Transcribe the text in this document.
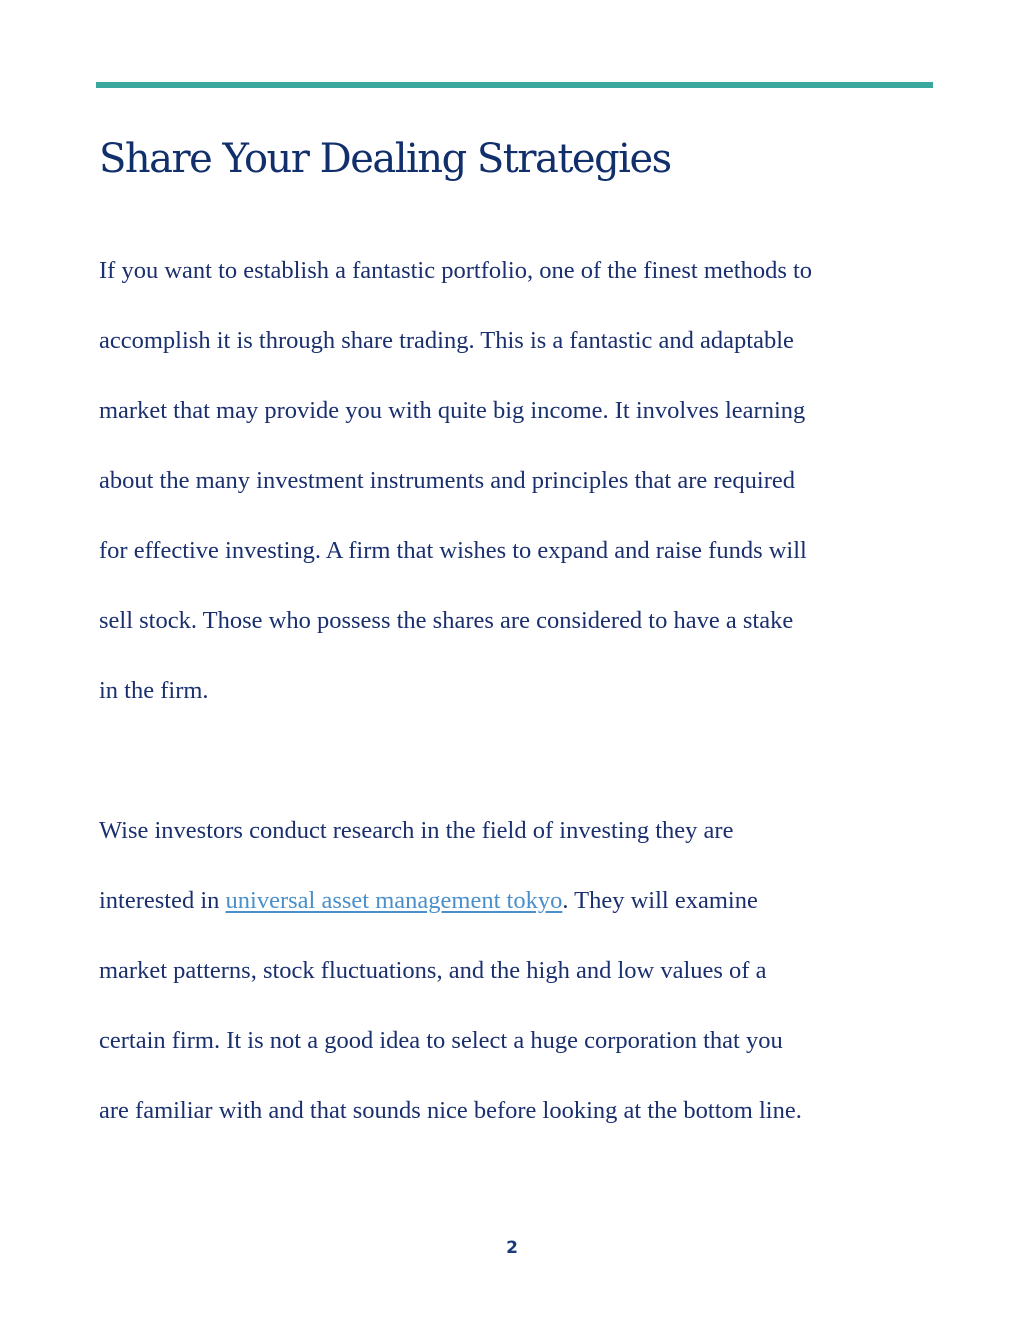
Share Your Dealing Strategies
If you want to establish a fantastic portfolio, one of the finest methods to
accomplish it is through share trading. This is a fantastic and adaptable
market that may provide you with quite big income. It involves learning
about the many investment instruments and principles that are required
for effective investing. A firm that wishes to expand and raise funds will
sell stock. Those who possess the shares are considered to have a stake
in the firm.
Wise investors conduct research in the field of investing they are
interested in universal asset management tokyo. They will examine
market patterns, stock fluctuations, and the high and low values of a
certain firm. It is not a good idea to select a huge corporation that you
are familiar with and that sounds nice before looking at the bottom line.
2
